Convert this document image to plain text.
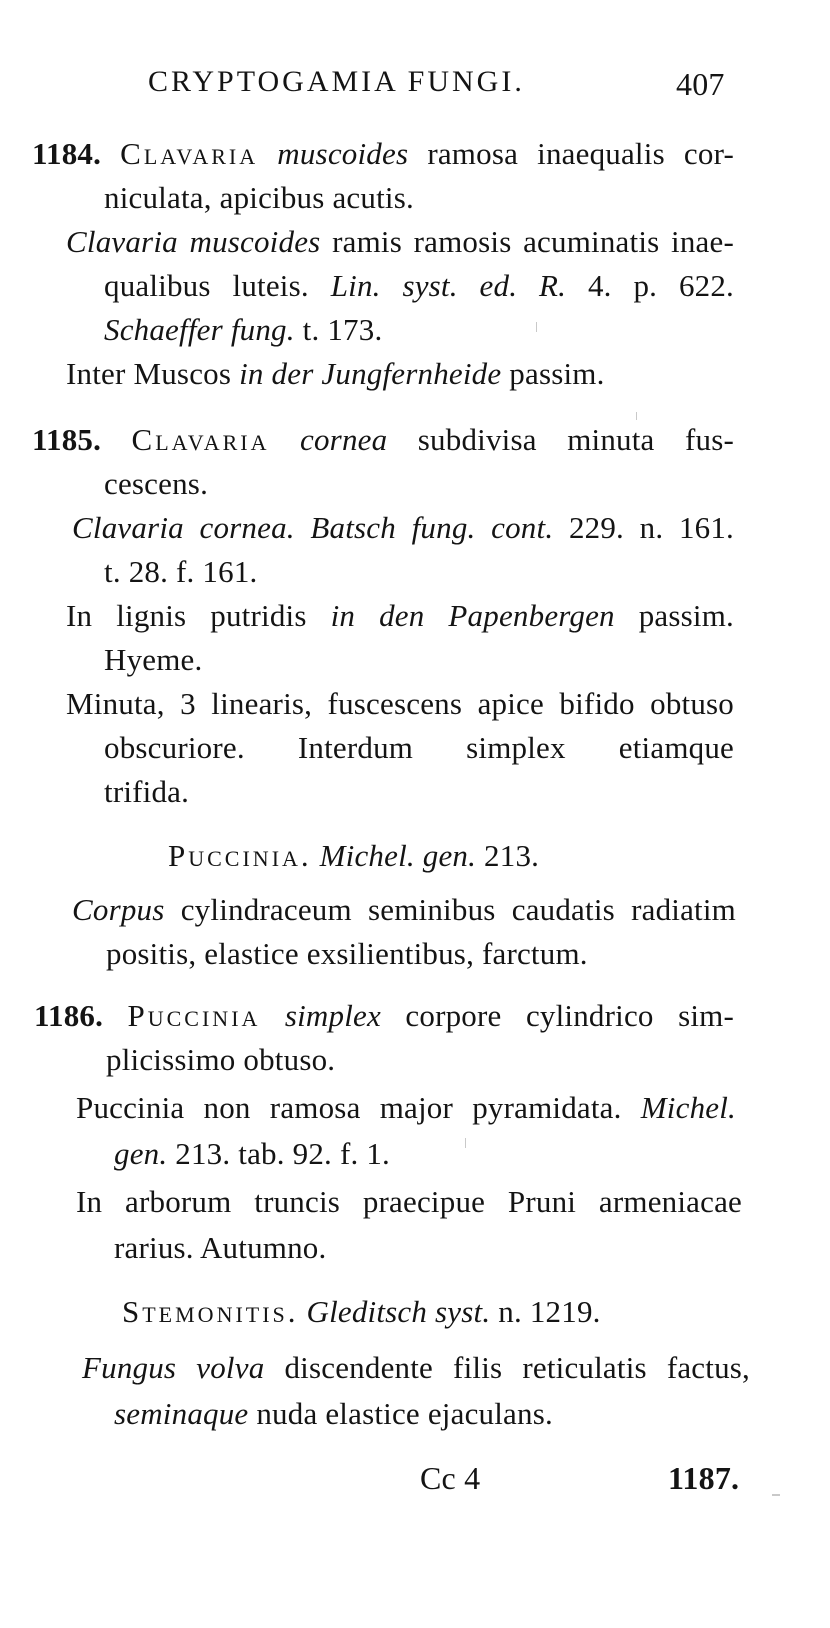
CRYPTOGAMIA FUNGI.	407
1184. Clavaria muscoides ramosa inaequalis cor-
niculata, apicibus acutis.
Clavaria muscoides ramis ramosis acuminatis inae-
qualibus luteis. Lin. syst. ed. R. 4. p. 622.
Schaeffer fung. t. 173.
Inter Muscos in der Jungfernheide passim.
1185. Clavaria cornea subdivisa minuta fus-
cescens.
Clavaria cornea. Batsch fung. cont. 229. n. 161.
t. 28. f. 161.
In lignis putridis in den Papenbergen passim.
Hyeme.
Minuta, 3 linearis, fuscescens apice bifido obtuso
obscuriore. Interdum simplex etiamque
trifida.
Puccinia. Michel. gen. 213.
Corpus cylindraceum seminibus caudatis radiatim
positis, elastice exsilientibus, farctum.
1186. Puccinia simplex corpore cylindrico sim-
plicissimo obtuso.
Puccinia non ramosa major pyramidata. Michel.
gen. 213. tab. 92. f. 1.
In arborum truncis praecipue Pruni armeniacae
rarius. Autumno.
Stemonitis. Gleditsch syst. n. 1219.
Fungus volva discendente filis reticulatis factus,
seminaque nuda elastice ejaculans.
Cc 4	1187.
